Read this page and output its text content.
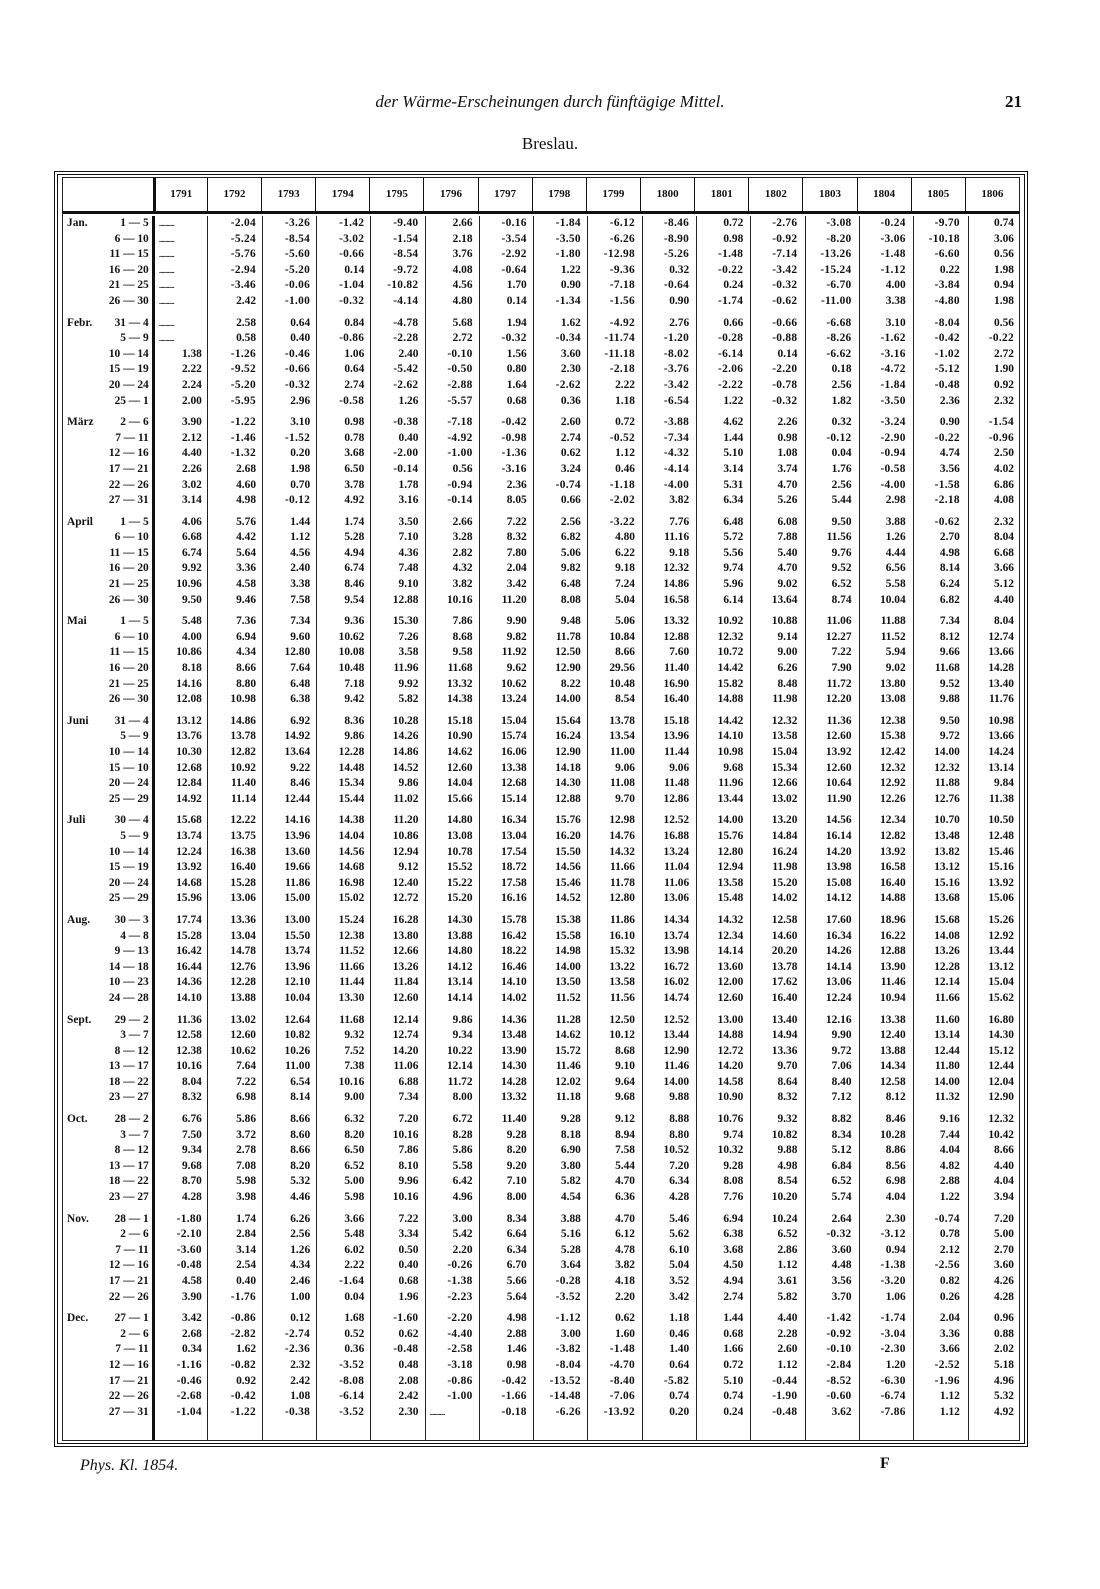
der Wärme-Erscheinungen durch fünftägige Mittel.	21
Breslau.
1791	1792	1793	1794	1795	1796	1797	1798	1799	1800	1801	1802	1803	1804	1805	1806
Jan.	1 — 5 ............	-2.04	-3.26	-1.42	-9.40	2.66	-0.16	-1.84	-6.12	-8.46	0.72	-2.76	-3.08	-0.24	-9.70	0.74
6 — 10 ............	-5.24	-8.54	-3.02	-1.54	2.18	-3.54	-3.50	-6.26	-8.90	0.98	-0.92	-8.20	-3.06 -10.18	3.06
11 — 15 ............	-5.76	-5.60	-0.66	-8.54	3.76	-2.92	-1.80 -12.98	-5.26	-1.48	-7.14 -13.26	-1.48	-6.60	0.56
16 — 20 ............	-2.94	-5.20	0.14	-9.72	4.08	-0.64	1.22	-9.36	0.32	-0.22	-3.42 -15.24	-1.12	0.22	1.98
21 — 25 ............	-3.46	-0.06	-1.04 -10.82	4.56	1.70	0.90	-7.18	-0.64	0.24	-0.32	-6.70	4.00	-3.84	0.94
26 — 30 ............	2.42	-1.00	-0.32	-4.14	4.80	0.14	-1.34	-1.56	0.90	-1.74	-0.62 -11.00	3.38	-4.80	1.98
Febr. 31 — 4 ............	2.58	0.64	0.84	-4.78	5.68	1.94	1.62	-4.92	2.76	0.66	-0.66	-6.68	3.10	-8.04	0.56
5 — 9 ............	0.58	0.40	-0.86	-2.28	2.72	-0.32	-0.34 -11.74	-1.20	-0.28	-0.88	-8.26	-1.62	-0.42	-0.22
10 — 14	1.38	-1.26	-0.46	1.06	2.40	-0.10	1.56	3.60 -11.18	-8.02	-6.14	0.14	-6.62	-3.16	-1.02	2.72
15 — 19	2.22	-9.52	-0.66	0.64	-5.42	-0.50	0.80	2.30	-2.18	-3.76	-2.06	-2.20	0.18	-4.72	-5.12	1.90
20 — 24	2.24	-5.20	-0.32	2.74	-2.62	-2.88	1.64	-2.62	2.22	-3.42	-2.22	-0.78	2.56	-1.84	-0.48	0.92
25 — 1	2.00	-5.95	2.96	-0.58	1.26	-5.57	0.68	0.36	1.18	-6.54	1.22	-0.32	1.82	-3.50	2.36	2.32
März 2 — 6	3.90	-1.22	3.10	0.98	-0.38	-7.18	-0.42	2.60	0.72	-3.88	4.62	2.26	0.32	-3.24	0.90	-1.54
7 — 11	2.12	-1.46	-1.52	0.78	0.40	-4.92	-0.98	2.74	-0.52	-7.34	1.44	0.98	-0.12	-2.90	-0.22	-0.96
12 — 16	4.40	-1.32	0.20	3.68	-2.00	-1.00	-1.36	0.62	1.12	-4.32	5.10	1.08	0.04	-0.94	4.74	2.50
17 — 21	2.26	2.68	1.98	6.50	-0.14	0.56	-3.16	3.24	0.46	-4.14	3.14	3.74	1.76	-0.58	3.56	4.02
22 — 26	3.02	4.60	0.70	3.78	1.78	-0.94	2.36	-0.74	-1.18	-4.00	5.31	4.70	2.56	-4.00	-1.58	6.86
27 — 31	3.14	4.98	-0.12	4.92	3.16	-0.14	8.05	0.66	-2.02	3.82	6.34	5.26	5.44	2.98	-2.18	4.08
April 1 — 5	4.06	5.76	1.44	1.74	3.50	2.66	7.22	2.56	-3.22	7.76	6.48	6.08	9.50	3.88	-0.62	2.32
6 — 10	6.68	4.42	1.12	5.28	7.10	3.28	8.32	6.82	4.80	11.16	5.72	7.88	11.56	1.26	2.70	8.04
11 — 15	6.74	5.64	4.56	4.94	4.36	2.82	7.80	5.06	6.22	9.18	5.56	5.40	9.76	4.44	4.98	6.68
16 — 20	9.92	3.36	2.40	6.74	7.48	4.32	2.04	9.82	9.18	12.32	9.74	4.70	9.52	6.56	8.14	3.66
21 — 25 10.96	4.58	3.38	8.46	9.10	3.82	3.42	6.48	7.24	14.86	5.96	9.02	6.52	5.58	6.24	5.12
26 — 30	9.50	9.46	7.58	9.54	12.88	10.16	11.20	8.08	5.04	16.58	6.14	13.64	8.74	10.04	6.82	4.40
Mai	1 — 5	5.48	7.36	7.34	9.36	15.30	7.86	9.90	9.48	5.06	13.32	10.92	10.88	11.06	11.88	7.34	8.04
6 — 10	4.00	6.94	9.60	10.62	7.26	8.68	9.82	11.78	10.84	12.88	12.32	9.14	12.27	11.52	8.12	12.74
11 — 15 10.86	4.34	12.80	10.08	3.58	9.58	11.92	12.50	8.66	7.60	10.72	9.00	7.22	5.94	9.66	13.66
16 — 20	8.18	8.66	7.64	10.48	11.96	11.68	9.62	12.90	29.56	11.40	14.42	6.26	7.90	9.02	11.68	14.28
21 — 25 14.16	8.80	6.48	7.18	9.92	13.32	10.62	8.22	10.48	16.90	15.82	8.48	11.72	13.80	9.52	13.40
26 — 30 12.08	10.98	6.38	9.42	5.82	14.38	13.24	14.00	8.54	16.40	14.88	11.98	12.20	13.08	9.88	11.76
Juni 31 — 4 13.12	14.86	6.92	8.36	10.28	15.18	15.04	15.64	13.78	15.18	14.42	12.32	11.36	12.38	9.50	10.98
5 — 9 13.76	13.78	14.92	9.86	14.26	10.90	15.74	16.24	13.54	13.96	14.10	13.58	12.60	15.38	9.72	13.66
10 — 14 10.30	12.82	13.64	12.28	14.86	14.62	16.06	12.90	11.00	11.44	10.98	15.04	13.92	12.42	14.00	14.24
15 — 10 12.68	10.92	9.22	14.48	14.52	12.60	13.38	14.18	9.06	9.06	9.68	15.34	12.60	12.32	12.32	13.14
20 — 24 12.84	11.40	8.46	15.34	9.86	14.04	12.68	14.30	11.08	11.48	11.96	12.66	10.64	12.92	11.88	9.84
25 — 29 14.92	11.14	12.44	15.44	11.02	15.66	15.14	12.88	9.70	12.86	13.44	13.02	11.90	12.26	12.76	11.38
Juli	30 — 4 15.68	12.22	14.16	14.38	11.20	14.80	16.34	15.76	12.98	12.52	14.00	13.20	14.56	12.34	10.70	10.50
5 — 9 13.74	13.75	13.96	14.04	10.86	13.08	13.04	16.20	14.76	16.88	15.76	14.84	16.14	12.82	13.48	12.48
10 — 14 12.24	16.38	13.60	14.56	12.94	10.78	17.54	15.50	14.32	13.24	12.80	16.24	14.20	13.92	13.82	15.46
15 — 19 13.92	16.40	19.66	14.68	9.12	15.52	18.72	14.56	11.66	11.04	12.94	11.98	13.98	16.58	13.12	15.16
20 — 24 14.68	15.28	11.86	16.98	12.40	15.22	17.58	15.46	11.78	11.06	13.58	15.20	15.08	16.40	15.16	13.92
25 — 29 15.96	13.06	15.00	15.02	12.72	15.20	16.16	14.52	12.80	13.06	15.48	14.02	14.12	14.88	13.68	15.06
Aug. 30 — 3 17.74	13.36	13.00	15.24	16.28	14.30	15.78	15.38	11.86	14.34	14.32	12.58	17.60	18.96	15.68	15.26
4 — 8 15.28	13.04	15.50	12.38	13.80	13.88	16.42	15.58	16.10	13.74	12.34	14.60	16.34	16.22	14.08	12.92
9 — 13 16.42	14.78	13.74	11.52	12.66	14.80	18.22	14.98	15.32	13.98	14.14	20.20	14.26	12.88	13.26	13.44
14 — 18 16.44	12.76	13.96	11.66	13.26	14.12	16.46	14.00	13.22	16.72	13.60	13.78	14.14	13.90	12.28	13.12
10 — 23 14.36	12.28	12.10	11.44	11.84	13.14	14.10	13.50	13.58	16.02	12.00	17.62	13.06	11.46	12.14	15.04
24 — 28 14.10	13.88	10.04	13.30	12.60	14.14	14.02	11.52	11.56	14.74	12.60	16.40	12.24	10.94	11.66	15.62
Sept. 29 — 2 11.36	13.02	12.64	11.68	12.14	9.86	14.36	11.28	12.50	12.52	13.00	13.40	12.16	13.38	11.60	16.80
3 — 7 12.58	12.60	10.82	9.32	12.74	9.34	13.48	14.62	10.12	13.44	14.88	14.94	9.90	12.40	13.14	14.30
8 — 12 12.38	10.62	10.26	7.52	14.20	10.22	13.90	15.72	8.68	12.90	12.72	13.36	9.72	13.88	12.44	15.12
13 — 17 10.16	7.64	11.00	7.38	11.06	12.14	14.30	11.46	9.10	11.46	14.20	9.70	7.06	14.34	11.80	12.44
18 — 22	8.04	7.22	6.54	10.16	6.88	11.72	14.28	12.02	9.64	14.00	14.58	8.64	8.40	12.58	14.00	12.04
23 — 27	8.32	6.98	8.14	9.00	7.34	8.00	13.32	11.18	9.68	9.88	10.90	8.32	7.12	8.12	11.32	12.90
Oct. 28 — 2	6.76	5.86	8.66	6.32	7.20	6.72	11.40	9.28	9.12	8.88	10.76	9.32	8.82	8.46	9.16	12.32
3 — 7	7.50	3.72	8.60	8.20	10.16	8.28	9.28	8.18	8.94	8.80	9.74	10.82	8.34	10.28	7.44	10.42
8 — 12	9.34	2.78	8.66	6.50	7.86	5.86	8.20	6.90	7.58	10.52	10.32	9.88	5.12	8.86	4.04	8.66
13 — 17	9.68	7.08	8.20	6.52	8.10	5.58	9.20	3.80	5.44	7.20	9.28	4.98	6.84	8.56	4.82	4.40
18 — 22	8.70	5.98	5.32	5.00	9.96	6.42	7.10	5.82	4.70	6.34	8.08	8.54	6.52	6.98	2.88	4.04
23 — 27	4.28	3.98	4.46	5.98	10.16	4.96	8.00	4.54	6.36	4.28	7.76	10.20	5.74	4.04	1.22	3.94
Nov. 28 — 1 -1.80	1.74	6.26	3.66	7.22	3.00	8.34	3.88	4.70	5.46	6.94	10.24	2.64	2.30	-0.74	7.20
2 — 6 -2.10	2.84	2.56	5.48	3.34	5.42	6.64	5.16	6.12	5.62	6.38	6.52	-0.32	-3.12	0.78	5.00
7 — 11 -3.60	3.14	1.26	6.02	0.50	2.20	6.34	5.28	4.78	6.10	3.68	2.86	3.60	0.94	2.12	2.70
12 — 16 -0.48	2.54	4.34	2.22	0.40	-0.26	6.70	3.64	3.82	5.04	4.50	1.12	4.48	-1.38	-2.56	3.60
17 — 21	4.58	0.40	2.46	-1.64	0.68	-1.38	5.66	-0.28	4.18	3.52	4.94	3.61	3.56	-3.20	0.82	4.26
22 — 26	3.90	-1.76	1.00	0.04	1.96	-2.23	5.64	-3.52	2.20	3.42	2.74	5.82	3.70	1.06	0.26	4.28
Dec. 27 — 1	3.42	-0.86	0.12	1.68	-1.60	-2.20	4.98	-1.12	0.62	1.18	1.44	4.40	-1.42	-1.74	2.04	0.96
2 — 6	2.68	-2.82	-2.74	0.52	0.62	-4.40	2.88	3.00	1.60	0.46	0.68	2.28	-0.92	-3.04	3.36	0.88
7 — 11	0.34	1.62	-2.36	0.36	-0.48	-2.58	1.46	-3.82	-1.48	1.40	1.66	2.60	-0.10	-2.30	3.66	2.02
12 — 16 -1.16	-0.82	2.32	-3.52	0.48	-3.18	0.98	-8.04	-4.70	0.64	0.72	1.12	-2.84	1.20	-2.52	5.18
17 — 21 -0.46	0.92	2.42	-8.08	2.08	-0.86	-0.42 -13.52	-8.40	-5.82	5.10	-0.44	-8.52	-6.30	-1.96	4.96
22 — 26 -2.68	-0.42	1.08	-6.14	2.42	-1.00	-1.66 -14.48	-7.06	0.74	0.74	-1.90	-0.60	-6.74	1.12	5.32
27 — 31 -1.04	-1.22	-0.38	-3.52	2.30 ............	-0.18	-6.26 -13.92	0.20	0.24	-0.48	3.62	-7.86	1.12	4.92
Phys. Kl. 1854.	F
